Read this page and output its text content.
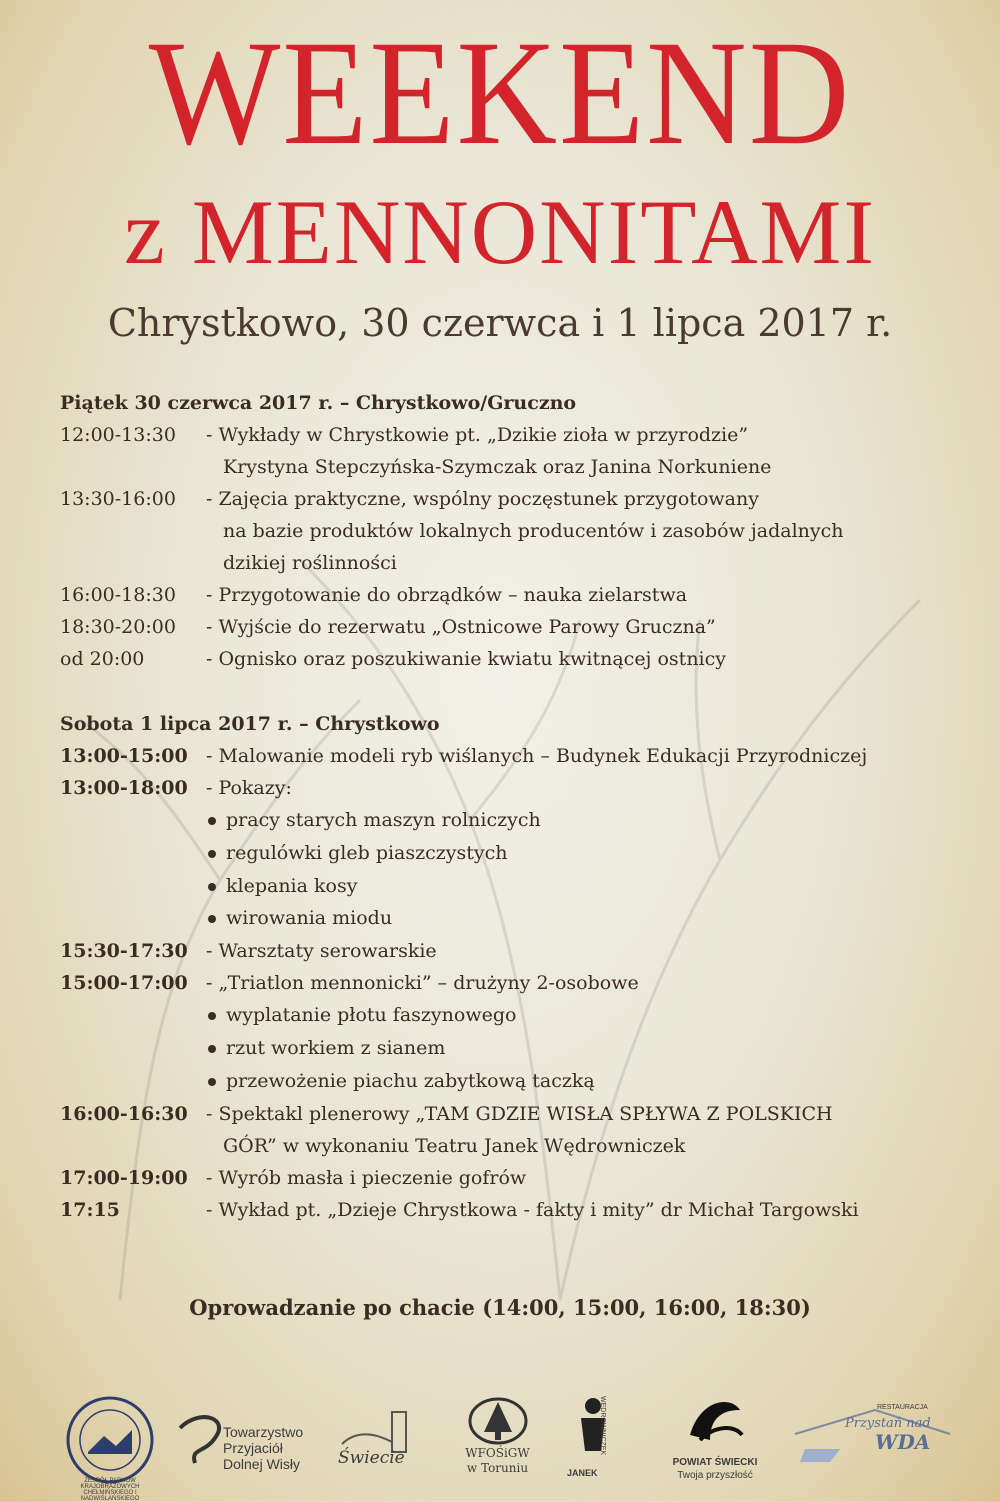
WEEKEND
z MENNONITAMI
Chrystkowo, 30 czerwca i 1 lipca 2017 r.
Piątek 30 czerwca 2017 r. – Chrystkowo/Gruczno
12:00-13:30	- Wykłady w Chrystkowie pt. „Dzikie zioła w przyrodzie”
Krystyna Stepczyńska-Szymczak oraz Janina Norkuniene
13:30-16:00	- Zajęcia praktyczne, wspólny poczęstunek przygotowany
na bazie produktów lokalnych producentów i zasobów jadalnych
dzikiej roślinności
16:00-18:30	- Przygotowanie do obrządków – nauka zielarstwa
18:30-20:00	- Wyjście do rezerwatu „Ostnicowe Parowy Gruczna”
od 20:00	- Ognisko oraz poszukiwanie kwiatu kwitnącej ostnicy
Sobota 1 lipca 2017 r. – Chrystkowo
13:00-15:00 - Malowanie modeli ryb wiślanych – Budynek Edukacji Przyrodniczej
13:00-18:00 - Pokazy:
pracy starych maszyn rolniczych
regulówki gleb piaszczystych
klepania kosy
wirowania miodu
15:30-17:30 - Warsztaty serowarskie
15:00-17:00 - „Triatlon mennonicki” – drużyny 2-osobowe
wyplatanie płotu faszynowego
rzut workiem z sianem
przewożenie piachu zabytkową taczką
16:00-16:30 - Spektakl plenerowy „TAM GDZIE WISŁA SPŁYWA Z POLSKICH
GÓR” w wykonaniu Teatru Janek Wędrowniczek
17:00-19:00 - Wyrób masła i pieczenie gofrów
17:15	- Wykład pt. „Dzieje Chrystkowa - fakty i mity” dr Michał Targowski
Oprowadzanie po chacie (14:00, 15:00, 16:00, 18:30)
ZESPÓŁ PARKÓW KRAJOBRAZOWYCH CHEŁMIŃSKIEGO I NADWIŚLAŃSKIEGO
Towarzystwo
Przyjaciół
Dolnej Wisły Świecie	WFOŚiGW
w Toruniu	JANEK
WĘDROWNICZEK
POWIAT ŚWIECKI
Twoja przyszłość
RESTAURACJA
Przystań nad
WDA
